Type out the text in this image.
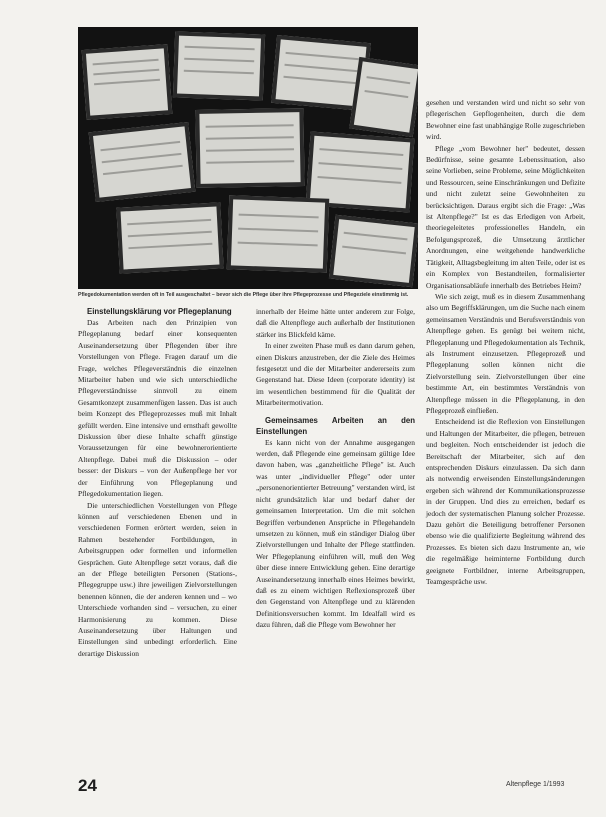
Pflegedokumentation werden oft in Teil ausgeschaltet – bevor sich die Pflege über ihre Pflegeprozesse und Pflegeziele einstimmig ist.

Einstellungsklärung vor Pflegeplanung

Das Arbeiten nach den Prinzipien von Pflegeplanung bedarf einer konsequenten Auseinandersetzung über Pflegenden über ihre Vorstellungen von Pflege. Fragen darauf um die Frage, welches Pflegeverständnis die einzelnen Mitarbeiter haben und wie sich unterschiedliche Pflegeverständnisse sinnvoll zu einem Gesamtkonzept zusammenfügen lassen. Das ist auch beim Konzept des Pflegeprozesses muß mit Inhalt gefüllt werden. Eine intensive und ernsthaft gewollte Diskussion über diese Inhalte schafft günstige Voraussetzungen für eine bewohnerorientierte Altenpflege. Dabei muß die Diskussion – oder besser: der Diskurs – von der Außenpflege her vor der Einführung von Pflegeplanung und Pflegedokumentation liegen.

Die unterschiedlichen Vorstellungen von Pflege können auf verschiedenen Ebenen und in verschiedenen Formen erörtert werden, seien in Rahmen bestehender Fortbildungen, in Arbeitsgruppen oder formellen und informellen Gesprächen. Gute Altenpflege setzt voraus, daß die an der Pflege beteiligten Personen (Stations-, Pflegegruppe usw.) ihre jeweiligen Zielvorstellungen benennen können, die der anderen kennen und – wo Unterschiede vorhanden sind – versuchen, zu einer Harmonisierung zu kommen. Diese Auseinandersetzung über Haltungen und Einstellungen sind unbedingt erforderlich. Eine derartige Diskussion

innerhalb der Heime hätte unter anderem zur Folge, daß die Altenpflege auch außerhalb der Institutionen stärker ins Blickfeld käme.

In einer zweiten Phase muß es dann darum gehen, einen Diskurs anzustreben, der die Ziele des Heimes festgesetzt und die der Mitarbeiter andererseits zum Gegenstand hat. Diese Ideen (corporate identity) ist im wesentlichen bestimmend für die Qualität der Mitarbeitermotivation.

Gemeinsames Arbeiten an den Einstellungen

Es kann nicht von der Annahme ausgegangen werden, daß Pflegende eine gemeinsam gültige Idee davon haben, was „ganzheitliche Pflege" ist. Auch was unter „individueller Pflege" oder unter „personenorientierter Betreuung" verstanden wird, ist nicht grundsätzlich klar und bedarf daher der gemeinsamen Interpretation. Um die mit solchen Begriffen verbundenen Ansprüche in Pflegehandeln umsetzen zu können, muß ein ständiger Dialog über Zielvorstellungen und Inhalte der Pflege stattfinden. Wer Pflegeplanung einführen will, muß den Weg über diese innere Entwicklung gehen. Eine derartige Auseinandersetzung innerhalb eines Heimes bewirkt, daß es zu einem wichtigen Reflexionsprozeß über den Gegenstand von Altenpflege und zu klärenden Definitionsversuchen kommt. Im Idealfall wird es dazu führen, daß die Pflege vom Bewohner her

gesehen und verstanden wird und nicht so sehr von pflegerischen Gepflogenheiten, durch die dem Bewohner eine fast unabhängige Rolle zugeschrieben wird.

Pflege „vom Bewohner her" bedeutet, dessen Bedürfnisse, seine gesamte Lebenssituation, also seine Vorlieben, seine Probleme, seine Möglichkeiten und Ressourcen, seine Einschränkungen und Defizite und nicht zuletzt seine Gewohnheiten zu berücksichtigen. Daraus ergibt sich die Frage: „Was ist Altenpflege?" Ist es das Erledigen von Arbeit, theoriegeleitetes professionelles Handeln, ein Befolgungsprozeß, die Umsetzung ärztlicher Anordnungen, eine weitgehende handwerkliche Tätigkeit, Alltagsbegleitung im alten Teile, oder ist es ein Komplex von Bestandteilen, formalisierter Organisationsabläufe innerhalb des Betriebes Heim?

Wie sich zeigt, muß es in diesem Zusammenhang also um Begriffsklärungen, um die Suche nach einem gemeinsamen Verständnis und Berufsverständnis von Altenpflege gehen. Es genügt bei weitem nicht, Pflegeplanung und Pflegedokumentation als Technik, als Instrument einzusetzen. Pflegeprozeß und Pflegeplanung sollen können nicht die Zielvorstellung sein. Zielvorstellungen über eine bestimmte Art, ein bestimmtes Verständnis von Altenpflege müssen in die Pflegeplanung, in den Pflegeprozeß einfließen.

Entscheidend ist die Reflexion von Einstellungen und Haltungen der Mitarbeiter, die pflegen, betreuen und begleiten. Noch entscheidender ist jedoch die Bereitschaft der Mitarbeiter, sich auf den entsprechenden Diskurs einzulassen. Da sich dann als notwendig erweisenden Einstellungsänderungen ergeben sich während der Kommunikationsprozesse in der Gruppen. Und dies zu erreichen, bedarf es jedoch der systematischen Planung solcher Prozesse. Dazu gehört die Beteiligung betroffener Personen ebenso wie die qualifizierte Begleitung während des Prozesses. Es bieten sich dazu Instrumente an, wie die regelmäßige heiminterne Fortbildung durch geeignete Fortbildner, interne Arbeitsgruppen, Teamgespräche usw.

24	Altenpflege 1/1993
